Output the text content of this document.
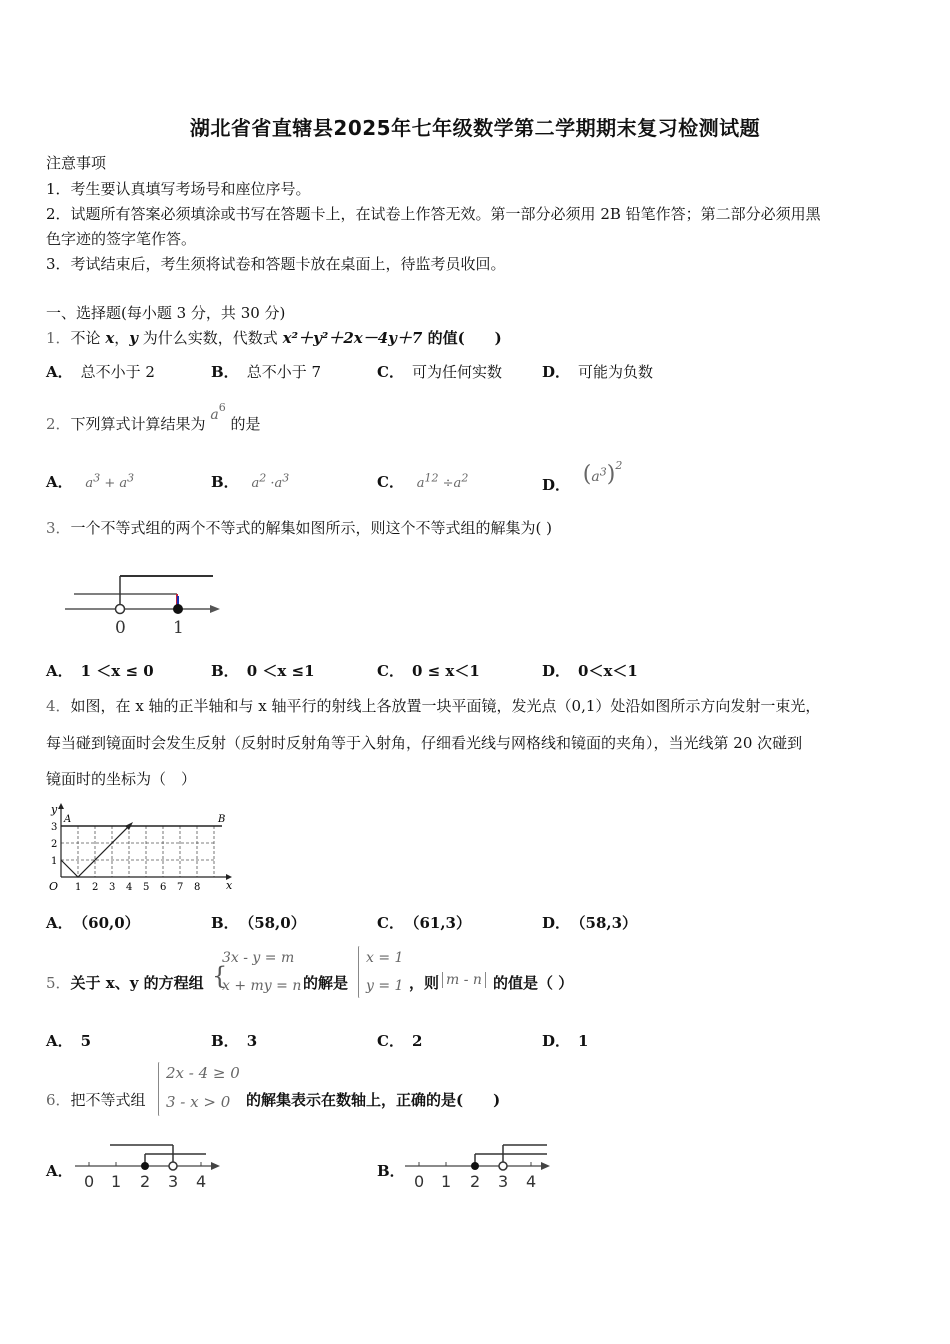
湖北省省直辖县2025年七年级数学第二学期期末复习检测试题
注意事项
1．考生要认真填写考场号和座位序号。
2．试题所有答案必须填涂或书写在答题卡上，在试卷上作答无效。第一部分必须用 2B 铅笔作答；第二部分必须用黑
色字迹的签字笔作答。
3．考试结束后，考生须将试卷和答题卡放在桌面上，待监考员收回。
一、选择题(每小题 3 分，共 30 分)
1．不论 x，y 为什么实数，代数式 x²＋y²＋2x－4y＋7 的值(　　)
A． 总不小于 2	B． 总不小于 7	C． 可为任何实数	D． 可能为负数
2．下列算式计算结果为 $a^6$ 的是
A． $a^3 + a^3$	B． $a^2 \cdot a^3$	C． $a^{12} \div a^2$	D． $(a^3)^2$
3．一个不等式组的两个不等式的解集如图所示，则这个不等式组的解集为( )
0	1
A． 1 ＜x ≤ 0	B． 0 ＜x ≤1	C． 0 ≤ x＜1	D． 0＜x＜1
4．如图，在 x 轴的正半轴和与 x 轴平行的射线上各放置一块平面镜，发光点（0,1）处沿如图所示方向发射一束光，
每当碰到镜面时会发生反射（反射时反射角等于入射角，仔细看光线与网格线和镜面的夹角），当光线第 20 次碰到
镜面时的坐标为（　）
y
x
O
A	B
1
2
3
1 2 3 4 5 6 7 8
A． （60,0）	B． （58,0）	C． （61,3）	D． （58,3）
5．关于 x、y 的方程组 {
3x - y = m
x + my = n 的解是
x = 1
y = 1 ，则 m - n 的值是（ ）
A． 5	B． 3	C． 2	D． 1
6．把不等式组
2x - 4 ≥ 0
3 - x > 0 的解集表示在数轴上，正确的是(　　)
A．
0 1 2 3 4
B．
0 1 2 3 4
